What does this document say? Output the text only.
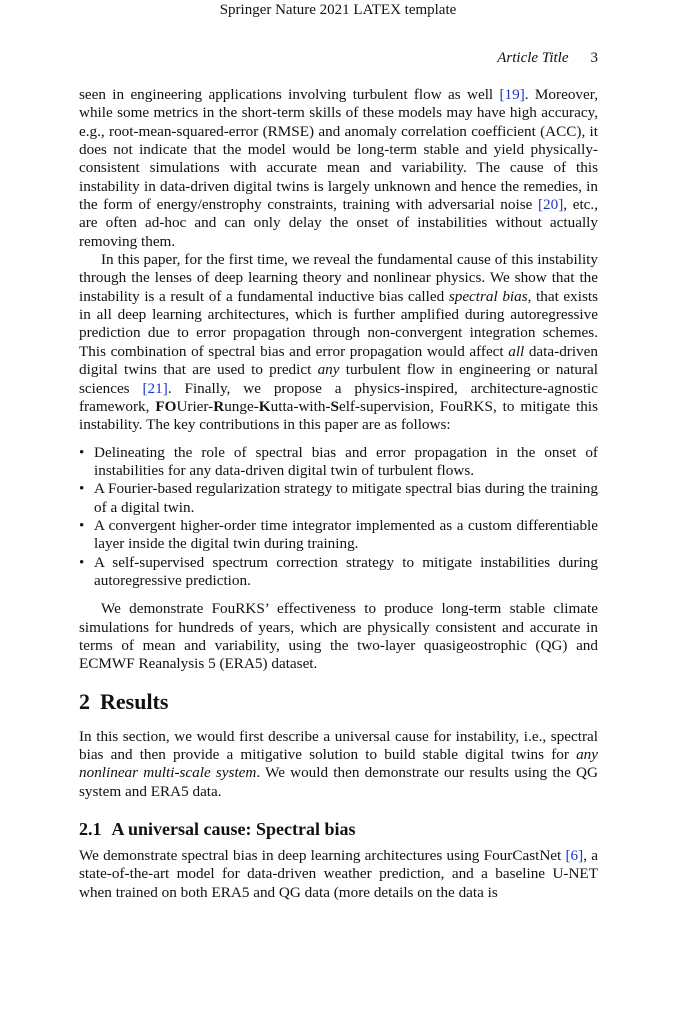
Springer Nature 2021 LATEX template
Article Title 3

seen in engineering applications involving turbulent flow as well [19]. Moreover, while some metrics in the short-term skills of these models may have high accuracy, e.g., root-mean-squared-error (RMSE) and anomaly correlation coefficient (ACC), it does not indicate that the model would be long-term stable and yield physically-consistent simulations with accurate mean and variability. The cause of this instability in data-driven digital twins is largely unknown and hence the remedies, in the form of energy/enstrophy constraints, training with adversarial noise [20], etc., are often ad-hoc and can only delay the onset of instabilities without actually removing them.

In this paper, for the first time, we reveal the fundamental cause of this instability through the lenses of deep learning theory and nonlinear physics. We show that the instability is a result of a fundamental inductive bias called spectral bias, that exists in all deep learning architectures, which is further amplified during autoregressive prediction due to error propagation through non-convergent integration schemes. This combination of spectral bias and error propagation would affect all data-driven digital twins that are used to predict any turbulent flow in engineering or natural sciences [21]. Finally, we propose a physics-inspired, architecture-agnostic framework, FOUrier-Runge-Kutta-with-Self-supervision, FouRKS, to mitigate this instability. The key contributions in this paper are as follows:

• Delineating the role of spectral bias and error propagation in the onset of instabilities for any data-driven digital twin of turbulent flows.
• A Fourier-based regularization strategy to mitigate spectral bias during the training of a digital twin.
• A convergent higher-order time integrator implemented as a custom differentiable layer inside the digital twin during training.
• A self-supervised spectrum correction strategy to mitigate instabilities during autoregressive prediction.

We demonstrate FouRKS’ effectiveness to produce long-term stable climate simulations for hundreds of years, which are physically consistent and accurate in terms of mean and variability, using the two-layer quasigeostrophic (QG) and ECMWF Reanalysis 5 (ERA5) dataset.

2 Results

In this section, we would first describe a universal cause for instability, i.e., spectral bias and then provide a mitigative solution to build stable digital twins for any nonlinear multi-scale system. We would then demonstrate our results using the QG system and ERA5 data.

2.1 A universal cause: Spectral bias

We demonstrate spectral bias in deep learning architectures using FourCastNet [6], a state-of-the-art model for data-driven weather prediction, and a baseline U-NET when trained on both ERA5 and QG data (more details on the data is
